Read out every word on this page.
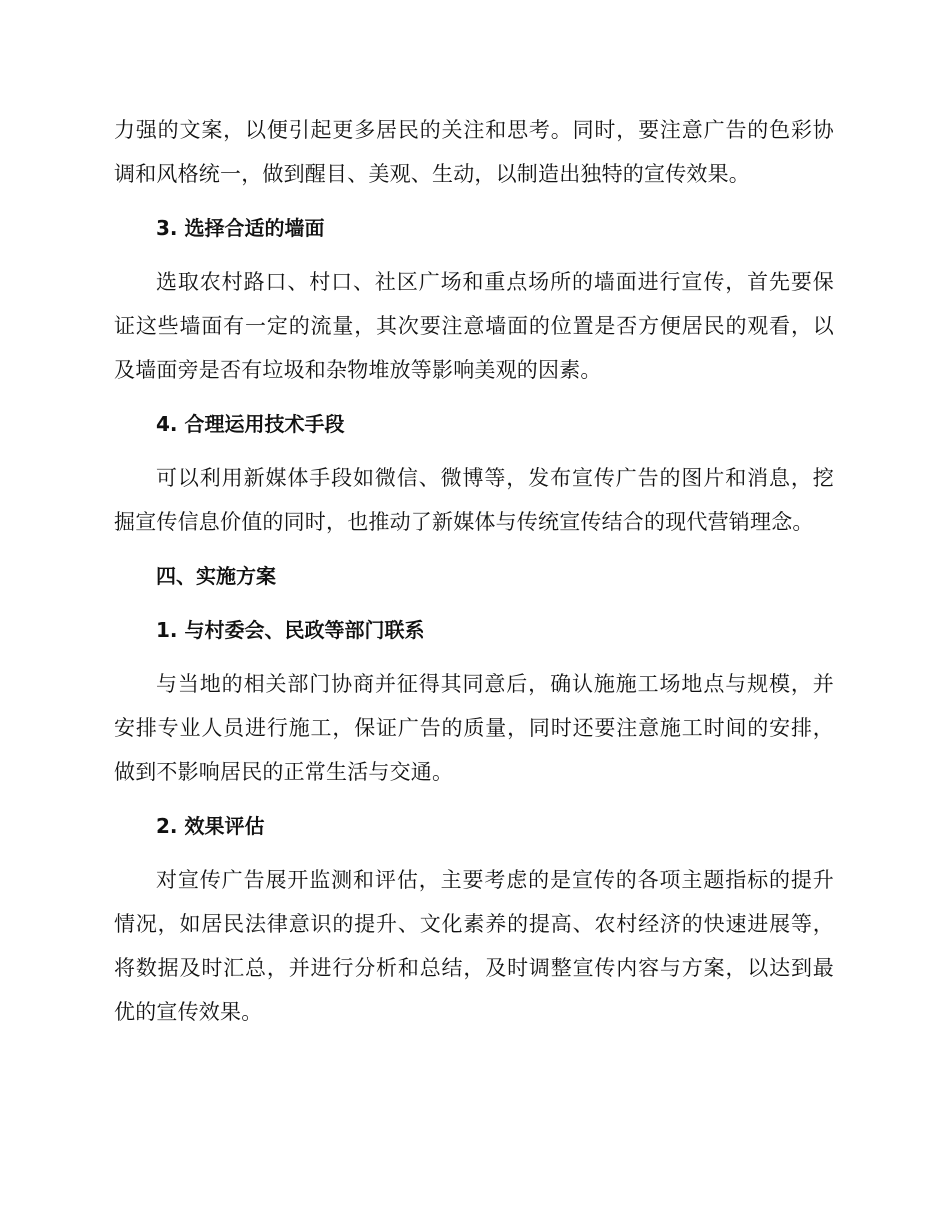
力强的文案，以便引起更多居民的关注和思考。同时，要注意广告的色彩协调和风格统一，做到醒目、美观、生动，以制造出独特的宣传效果。

3. 选择合适的墙面

选取农村路口、村口、社区广场和重点场所的墙面进行宣传，首先要保证这些墙面有一定的流量，其次要注意墙面的位置是否方便居民的观看，以及墙面旁是否有垃圾和杂物堆放等影响美观的因素。

4. 合理运用技术手段

可以利用新媒体手段如微信、微博等，发布宣传广告的图片和消息，挖掘宣传信息价值的同时，也推动了新媒体与传统宣传结合的现代营销理念。

四、实施方案
1. 与村委会、民政等部门联系

与当地的相关部门协商并征得其同意后，确认施施工场地点与规模，并安排专业人员进行施工，保证广告的质量，同时还要注意施工时间的安排，做到不影响居民的正常生活与交通。

2. 效果评估

对宣传广告展开监测和评估，主要考虑的是宣传的各项主题指标的提升情况，如居民法律意识的提升、文化素养的提高、农村经济的快速进展等，将数据及时汇总，并进行分析和总结，及时调整宣传内容与方案，以达到最优的宣传效果。
